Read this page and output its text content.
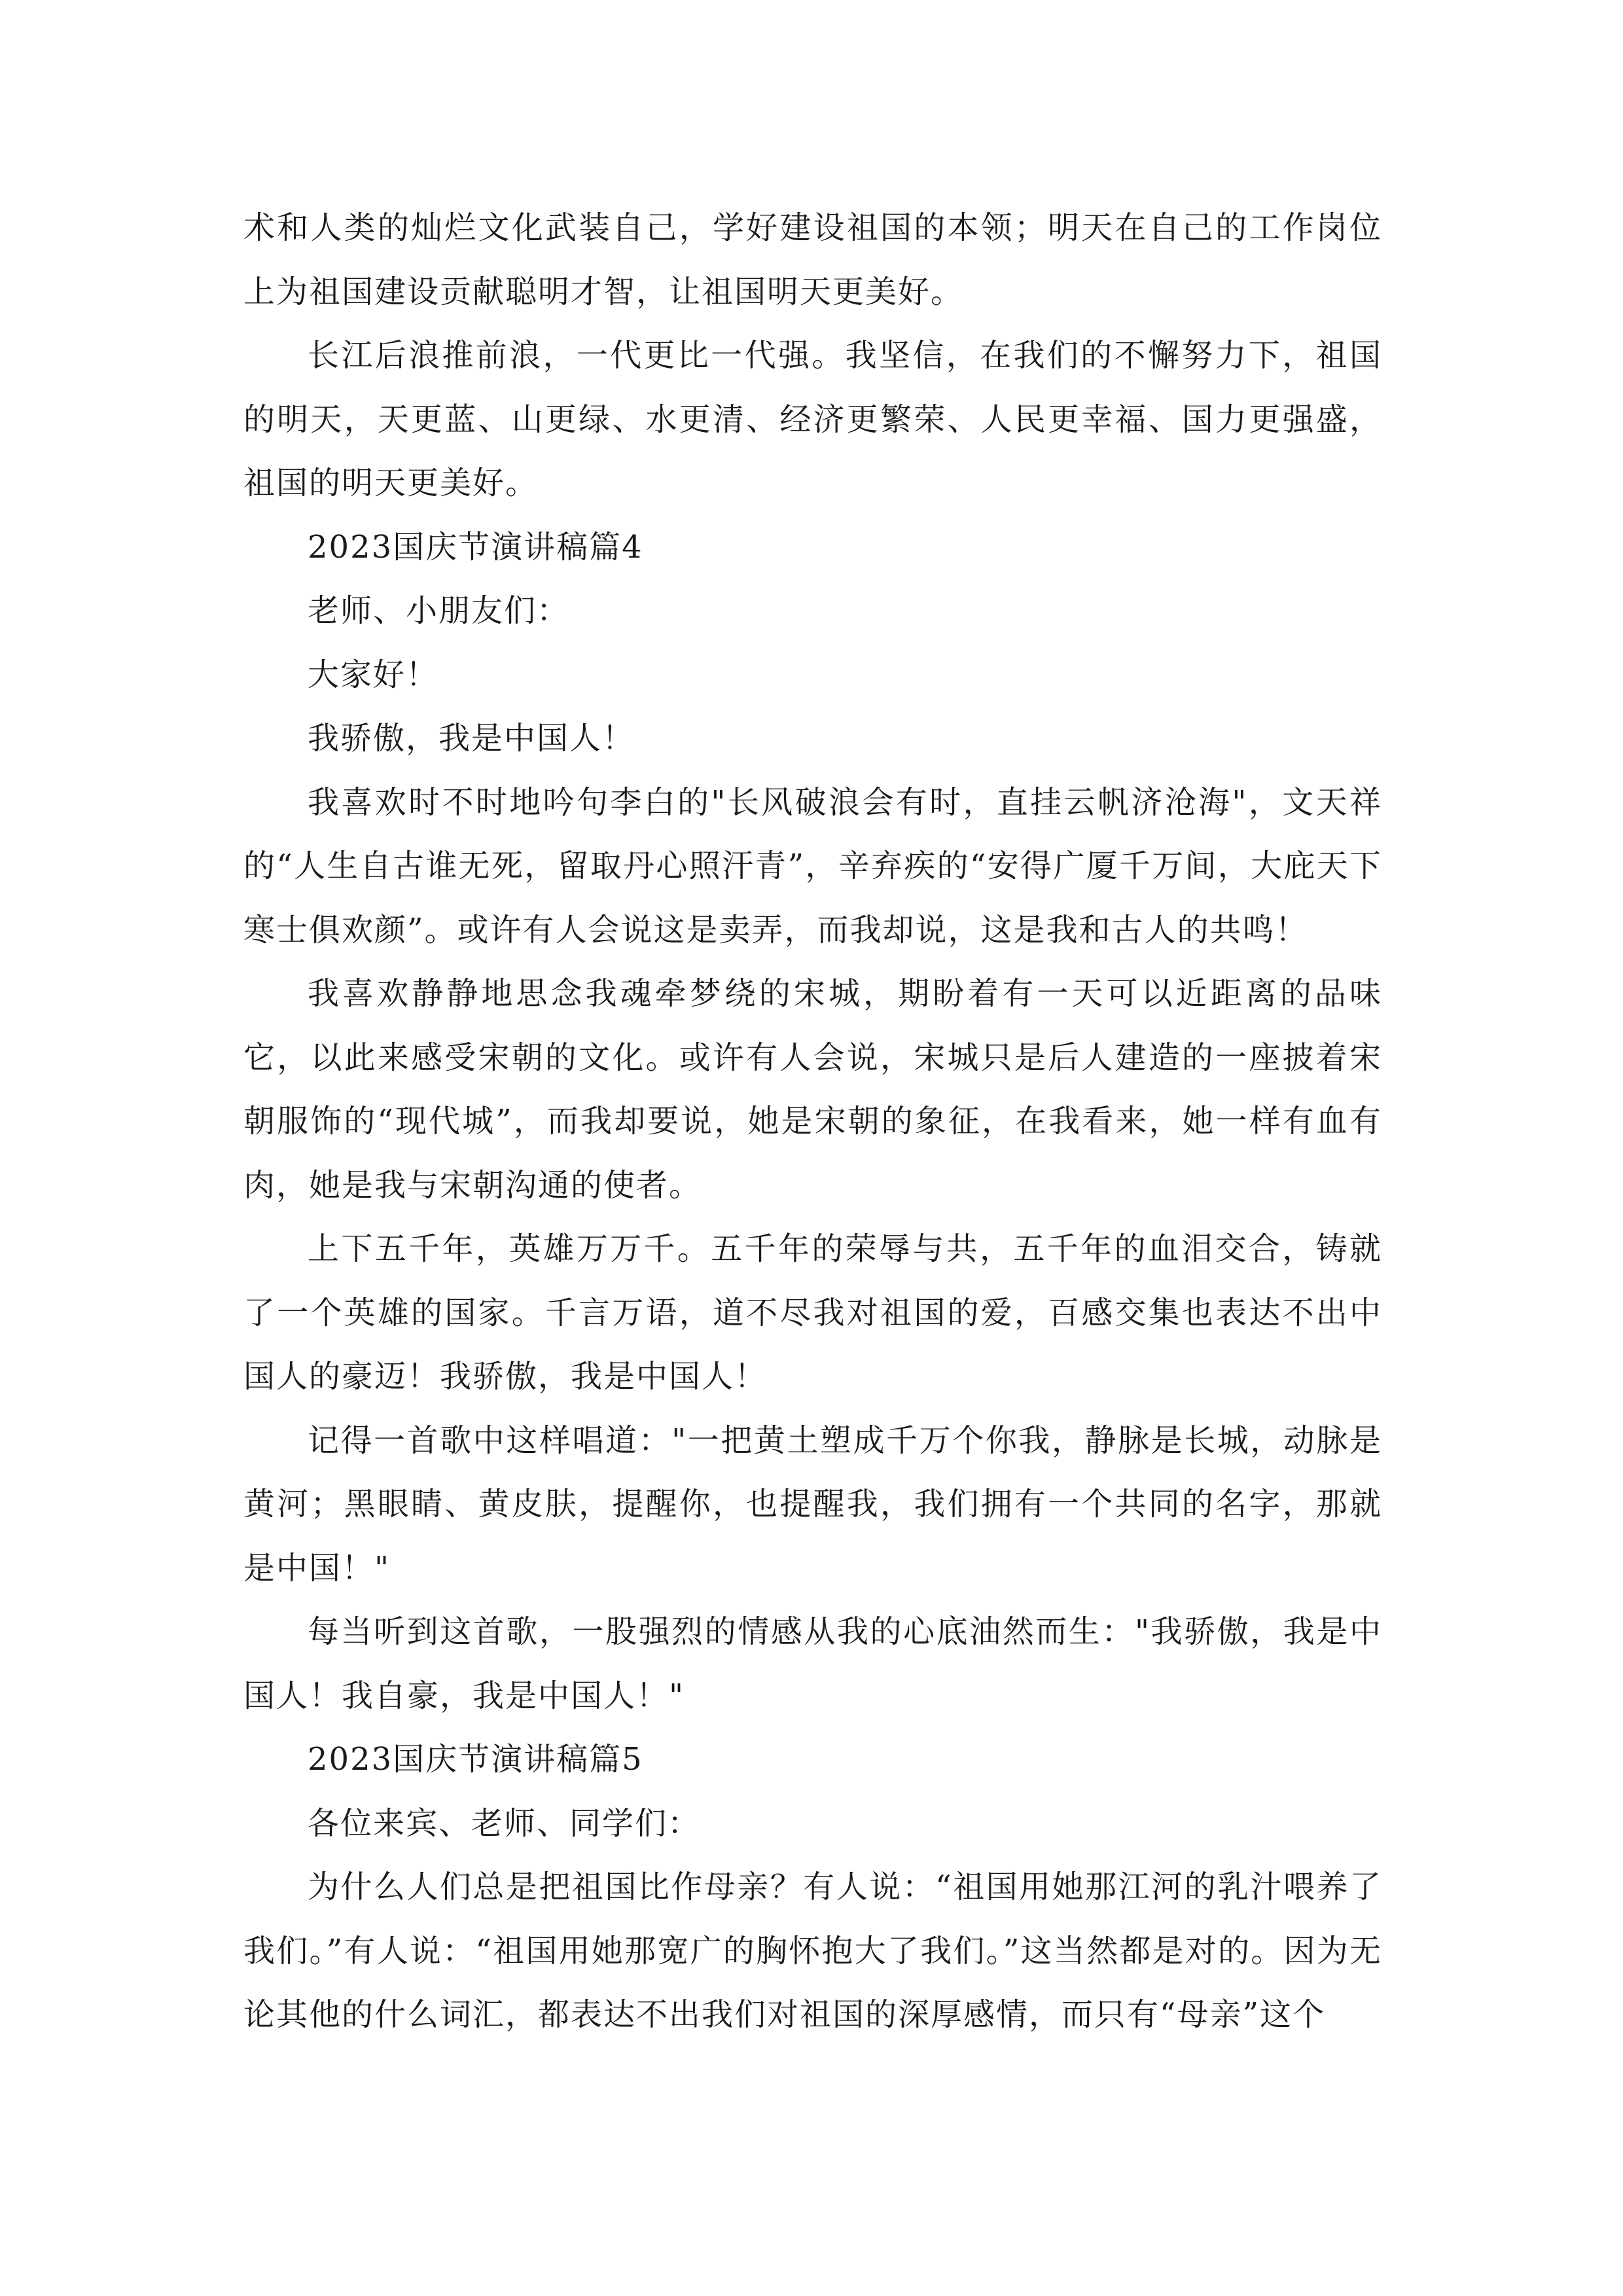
术和人类的灿烂文化武装自己，学好建设祖国的本领；明天在自己的工作岗位上为祖国建设贡献聪明才智，让祖国明天更美好。

长江后浪推前浪，一代更比一代强。我坚信，在我们的不懈努力下，祖国的明天，天更蓝、山更绿、水更清、经济更繁荣、人民更幸福、国力更强盛，祖国的明天更美好。

2023国庆节演讲稿篇4

老师、小朋友们：

大家好！

我骄傲，我是中国人！

我喜欢时不时地吟句李白的"长风破浪会有时，直挂云帆济沧海"，文天祥的“人生自古谁无死，留取丹心照汗青”，辛弃疾的“安得广厦千万间，大庇天下寒士俱欢颜”。或许有人会说这是卖弄，而我却说，这是我和古人的共鸣！

我喜欢静静地思念我魂牵梦绕的宋城，期盼着有一天可以近距离的品味它，以此来感受宋朝的文化。或许有人会说，宋城只是后人建造的一座披着宋朝服饰的“现代城”，而我却要说，她是宋朝的象征，在我看来，她一样有血有肉，她是我与宋朝沟通的使者。

上下五千年，英雄万万千。五千年的荣辱与共，五千年的血泪交合，铸就了一个英雄的国家。千言万语，道不尽我对祖国的爱，百感交集也表达不出中国人的豪迈！我骄傲，我是中国人！

记得一首歌中这样唱道："一把黄土塑成千万个你我，静脉是长城，动脉是黄河；黑眼睛、黄皮肤，提醒你，也提醒我，我们拥有一个共同的名字，那就是中国！"

每当听到这首歌，一股强烈的情感从我的心底油然而生："我骄傲，我是中国人！我自豪，我是中国人！"

2023国庆节演讲稿篇5

各位来宾、老师、同学们：

为什么人们总是把祖国比作母亲？有人说：“祖国用她那江河的乳汁喂养了我们。”有人说：“祖国用她那宽广的胸怀抱大了我们。”这当然都是对的。因为无论其他的什么词汇，都表达不出我们对祖国的深厚感情，而只有“母亲”这个
